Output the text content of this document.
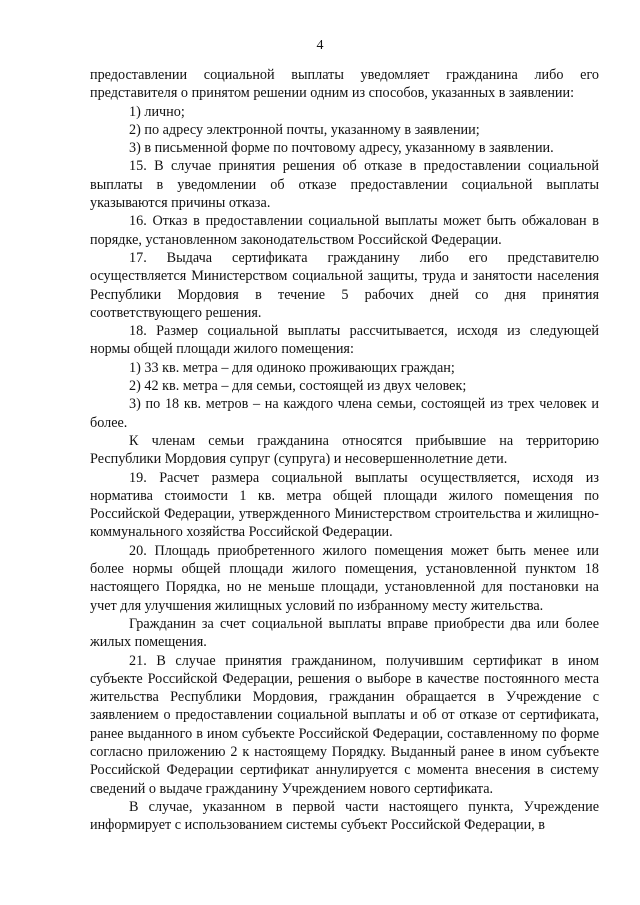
4

предоставлении социальной выплаты уведомляет гражданина либо его представителя о принятом решении одним из способов, указанных в заявлении:

1) лично;

2) по адресу электронной почты, указанному в заявлении;

3) в письменной форме по почтовому адресу, указанному в заявлении.

15. В случае принятия решения об отказе в предоставлении социальной выплаты в уведомлении об отказе предоставлении социальной выплаты указываются причины отказа.

16. Отказ в предоставлении социальной выплаты может быть обжалован в порядке, установленном законодательством Российской Федерации.

17. Выдача сертификата гражданину либо его представителю осуществляется Министерством социальной защиты, труда и занятости населения Республики Мордовия в течение 5 рабочих дней со дня принятия соответствующего решения.

18. Размер социальной выплаты рассчитывается, исходя из следующей нормы общей площади жилого помещения:

1) 33 кв. метра – для одиноко проживающих граждан;

2) 42 кв. метра – для семьи, состоящей из двух человек;

3) по 18 кв. метров – на каждого члена семьи, состоящей из трех человек и более.

К членам семьи гражданина относятся прибывшие на территорию Республики Мордовия супруг (супруга) и несовершеннолетние дети.

19. Расчет размера социальной выплаты осуществляется, исходя из норматива стоимости 1 кв. метра общей площади жилого помещения по Российской Федерации, утвержденного Министерством строительства и жилищно-коммунального хозяйства Российской Федерации.

20. Площадь приобретенного жилого помещения может быть менее или более нормы общей площади жилого помещения, установленной пунктом 18 настоящего Порядка, но не меньше площади, установленной для постановки на учет для улучшения жилищных условий по избранному месту жительства.

Гражданин за счет социальной выплаты вправе приобрести два или более жилых помещения.

21. В случае принятия гражданином, получившим сертификат в ином субъекте Российской Федерации, решения о выборе в качестве постоянного места жительства Республики Мордовия, гражданин обращается в Учреждение с заявлением о предоставлении социальной выплаты и об от отказе от сертификата, ранее выданного в ином субъекте Российской Федерации, составленному по форме согласно приложению 2 к настоящему Порядку. Выданный ранее в ином субъекте Российской Федерации сертификат аннулируется с момента внесения в систему сведений о выдаче гражданину Учреждением нового сертификата.

В случае, указанном в первой части настоящего пункта, Учреждение информирует с использованием системы субъект Российской Федерации, в
